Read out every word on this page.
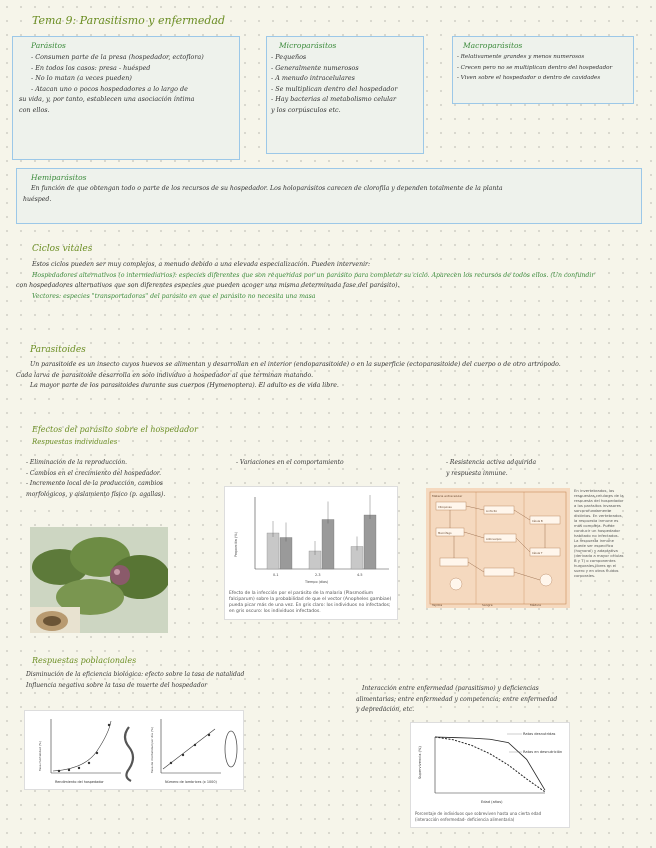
Tema 9: Parasitismo y enfermedad
Parásitos
- Consumen parte de la presa (hospedador, ectoflora)
- En todos los casos: presa - huésped
- No lo matan (a veces pueden)
- Atacan uno o pocos hospedadores a lo largo de
su vida, y, por tanto, establecen una asociación íntima
con ellos.
Microparásitos
- Pequeños
- Generalmente numerosos
- A menudo intracelulares
- Se multiplican dentro del hospedador
- Hay bacterias al metabolismo celular
y los corpúsculos etc.
Macroparásitos
- Relativamente grandes y menos numerosos
- Crecen pero no se multiplican dentro del hospedador
- Viven sobre el hospedador o dentro de cavidades
Hemiparásitos
En función de que obtengan todo o parte de los recursos de su hospedador. Los holoparásitos carecen de clorofila y dependen totalmente de la planta
huésped.
Ciclos vitales
Estos ciclos pueden ser muy complejos, a menudo debido a una elevada especialización. Pueden intervenir:
Hospedadores alternativos (o intermediarios): especies diferentes que son requeridas por un parásito para completar su ciclo. Aparecen los recursos de todos ellos. (Un confundir
con hospedadores alternativos que son diferentes especies que pueden acoger una misma determinada fase del parásito).
Vectores: especies "transportadoras" del parásito en que el parásito no necesita una masa
Parasitoides
Un parasitoide es un insecto cuyos huevos se alimentan y desarrollan en el interior (endoparasitoide) o en la superficie (ectoparasitoide) del cuerpo o de otro artrópodo.
Cada larva de parasitoide desarrolla en solo individuo a hospedador al que terminan matando.
La mayor parte de los parasitoides durante sus cuerpos (Hymenoptera). El adulto es de vida libre.
Efectos del parásito sobre el hospedador
Respuestas individuales
- Eliminación de la reproducción.
- Cambios en el crecimiento del hospedador.
- Incremento local de la producción, cambios
morfológicos, y aislamiento físico (p. agallas).
- Variaciones en el comportamiento	- Resistencia activa adquirida
y respuesta inmune.
0-1	2-3	4-5
Proporción (%)
Tiempo (dias)
Efecto de la infección por el parásito de la malaria (Plasmodium falciparum) sobre la probabilidad de que el vector (Anopheles gambiae) pueda picar más de una vez. En gris claro: los individuos no infectados; en gris oscuro: los individuos infectados.
Tejidos	Sangre	Médula
Materia extracelular
Citoquinas
Linfocito
Macrófago
Anticuerpos
Célula B
Célula T
En invertebrados, las respuestas celulares de la respuesta del hospedador a los parásitos invasores son profundamente distintas. En vertebrados, la respuesta inmune es más compleja. Puede conducir un hospedador habitado no infectados. La respuesta inmune puede ser específica (humoral) y adaptativa (derivada a mayor células B y T) o componentes humorales libres en el suero y en otros fluidos corporales.
Respuestas poblacionales
Disminución de la eficiencia biológica: efecto sobre la tasa de natalidad
Influencia negativa sobre la tasa de muerte del hospedador	Interacción entre enfermedad (parasitismo) y deficiencias
alimentarias; entre enfermedad y competencia; entre enfermedad
y depredación, etc.
Rendimiento del hospedador	Número de lombrices (x 1000)
Tasa mortalidad (%)	Tasa de mortalidad por día (%)	Ratas desnutridas
Ratas en desnutrición
Supervivencia (%)
Edad (años)
Porcentaje de individuos que sobreviven hasta una cierta edad (interacción enfermedad- deficiencia alimentaria)
